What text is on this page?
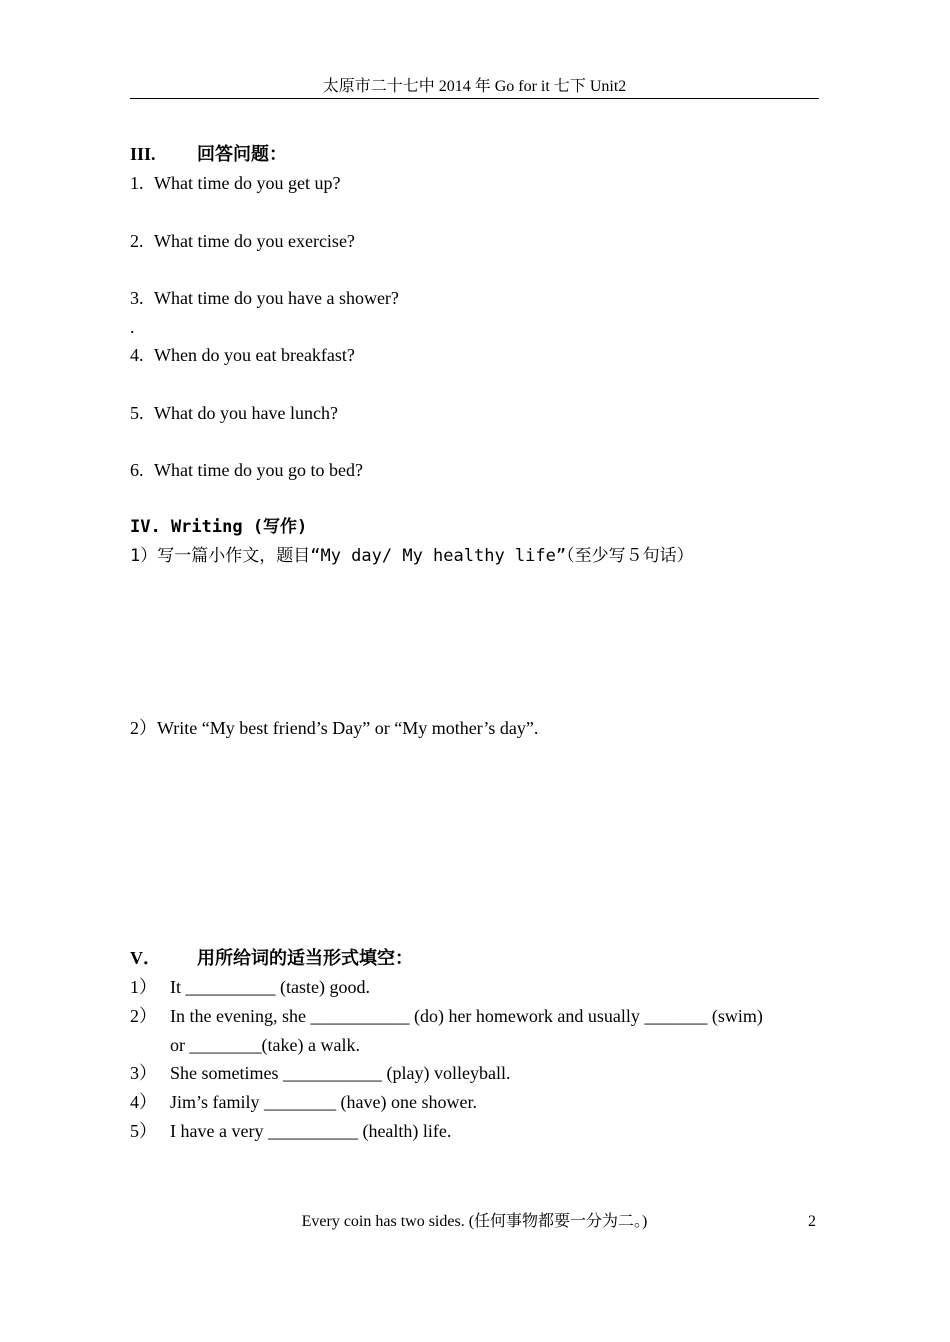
太原市二十七中 2014 年 Go for it 七下 Unit2
III. 回答问题：
1. What time do you get up?
2. What time do you exercise?
3. What time do you have a shower?
.
4. When do you eat breakfast?
5. What do you have lunch?
6. What time do you go to bed?
IV. Writing (写作)
1）写一篇小作文，题目“My day/ My healthy life”（至少写５句话）
2）Write “My best friend’s Day” or “My mother’s day”.
V． 用所给词的适当形式填空：
1） It __________ (taste) good.
2） In the evening, she ___________ (do) her homework and usually _______ (swim)
or ________(take) a walk.
3） She sometimes ___________ (play) volleyball.
4） Jim’s family ________ (have) one shower.
5） I have a very __________ (health) life.
Every coin has two sides. (任何事物都要一分为二。)	2
